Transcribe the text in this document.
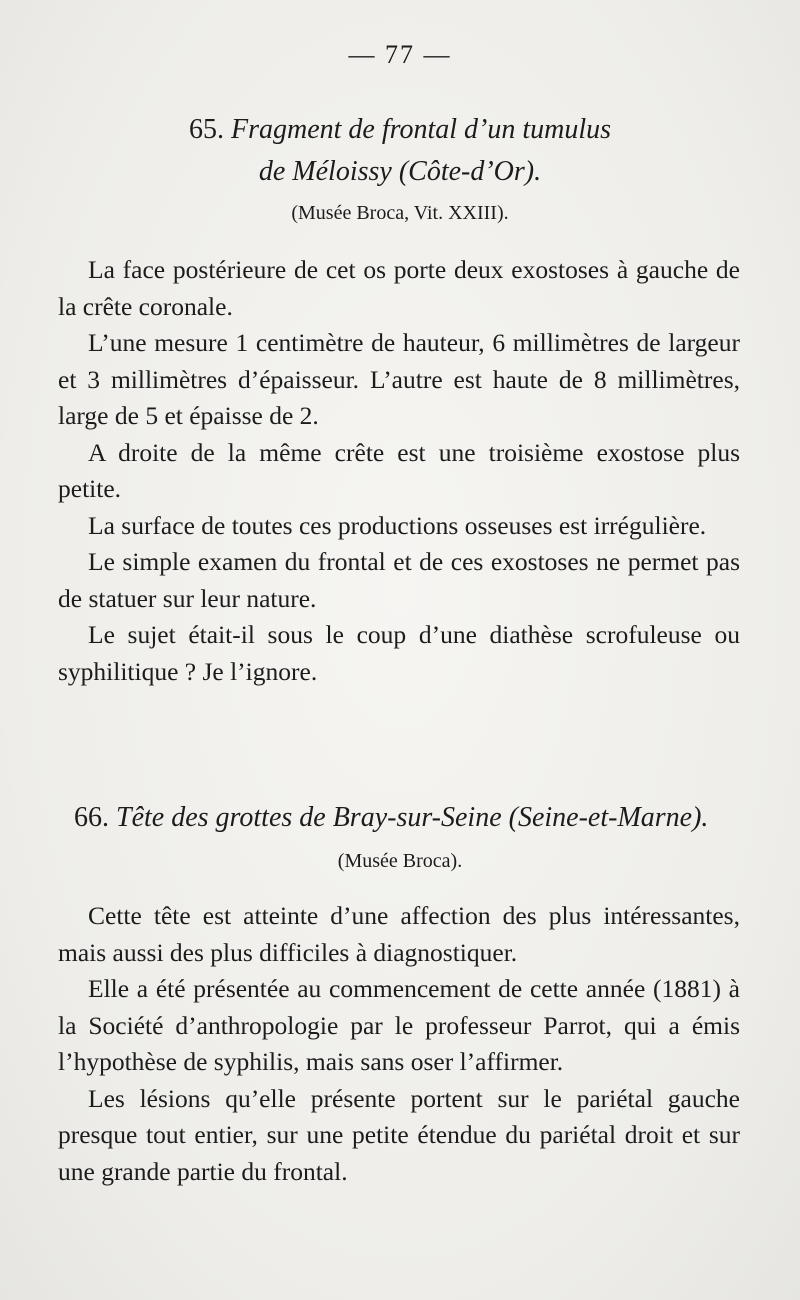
— 77 —
65. Fragment de frontal d’un tumulus
de Méloissy (Côte-d’Or).
(Musée Broca, Vit. XXIII).

La face postérieure de cet os porte deux exostoses à gauche de la crête coronale.

L’une mesure 1 centimètre de hauteur, 6 millimètres de largeur et 3 millimètres d’épaisseur. L’autre est haute de 8 millimètres, large de 5 et épaisse de 2.

A droite de la même crête est une troisième exostose plus petite.

La surface de toutes ces productions osseuses est irrégulière.

Le simple examen du frontal et de ces exostoses ne permet pas de statuer sur leur nature.

Le sujet était-il sous le coup d’une diathèse scrofuleuse ou syphilitique ? Je l’ignore.

66. Tête des grottes de Bray-sur-Seine (Seine-et-Marne).
(Musée Broca).

Cette tête est atteinte d’une affection des plus intéressantes, mais aussi des plus difficiles à diagnostiquer.

Elle a été présentée au commencement de cette année (1881) à la Société d’anthropologie par le professeur Parrot, qui a émis l’hypothèse de syphilis, mais sans oser l’affirmer.

Les lésions qu’elle présente portent sur le pariétal gauche presque tout entier, sur une petite étendue du pariétal droit et sur une grande partie du frontal.
